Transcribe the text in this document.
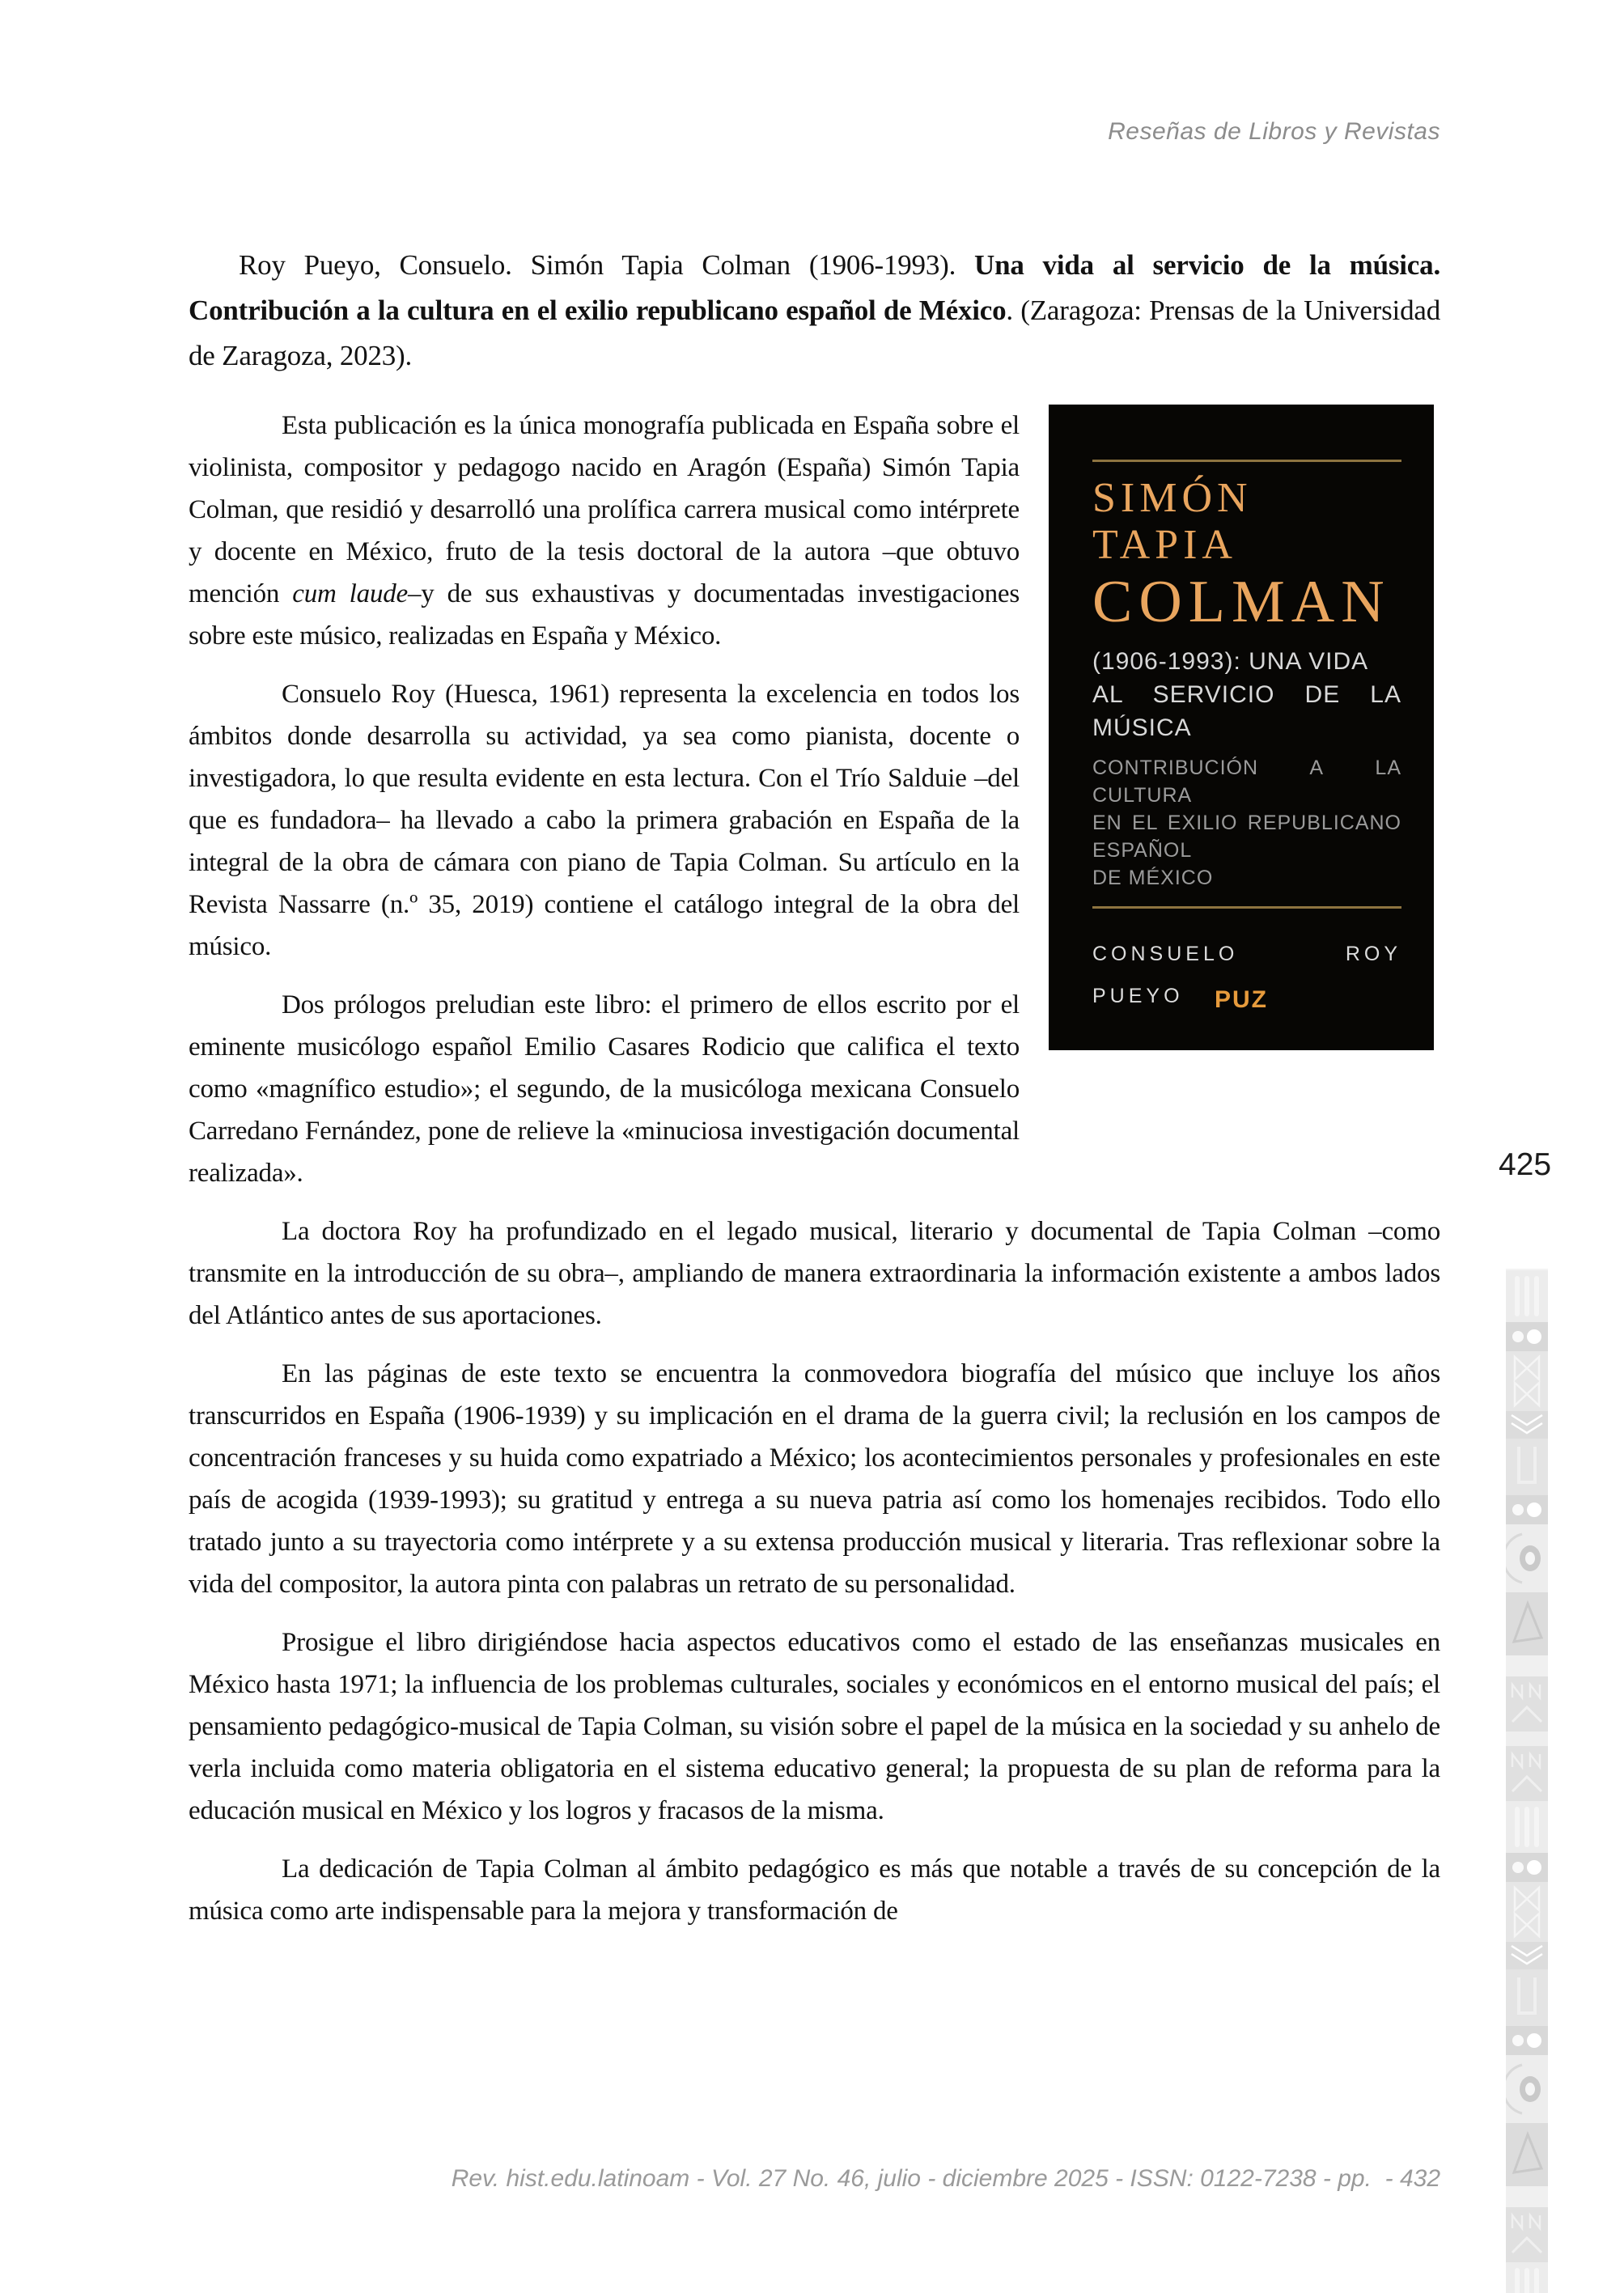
Reseñas de Libros y Revistas

Roy Pueyo, Consuelo. Simón Tapia Colman (1906-1993). Una vida al servicio de la música. Contribución a la cultura en el exilio republicano español de México. (Zaragoza: Prensas de la Universidad de Zaragoza, 2023).

SIMÓN TAPIA
COLMAN
(1906-1993): UNA VIDA
AL SERVICIO DE LA MÚSICA
CONTRIBUCIÓN A LA CULTURA
EN EL EXILIO REPUBLICANO ESPAÑOL
DE MÉXICO
CONSUELO ROY PUEYO	PUZ

Esta publicación es la única monografía publicada en España sobre el violinista, compositor y pedagogo nacido en Aragón (España) Simón Tapia Colman, que residió y desarrolló una prolífica carrera musical como intérprete y docente en México, fruto de la tesis doctoral de la autora –que obtuvo mención cum laude–y de sus exhaustivas y documentadas investigaciones sobre este músico, realizadas en España y México.

Consuelo Roy (Huesca, 1961) representa la excelencia en todos los ámbitos donde desarrolla su actividad, ya sea como pianista, docente o investigadora, lo que resulta evidente en esta lectura. Con el Trío Salduie –del que es fundadora– ha llevado a cabo la primera grabación en España de la integral de la obra de cámara con piano de Tapia Colman. Su artículo en la Revista Nassarre (n.º 35, 2019) contiene el catálogo integral de la obra del músico.

Dos prólogos preludian este libro: el primero de ellos escrito por el eminente musicólogo español Emilio Casares Rodicio que califica el texto como «magnífico estudio»; el segundo, de la musicóloga mexicana Consuelo Carredano Fernández, pone de relieve la «minuciosa investigación documental realizada».

La doctora Roy ha profundizado en el legado musical, literario y documental de Tapia Colman –como transmite en la introducción de su obra–, ampliando de manera extraordinaria la información existente a ambos lados del Atlántico antes de sus aportaciones.

En las páginas de este texto se encuentra la conmovedora biografía del músico que incluye los años transcurridos en España (1906-1939) y su implicación en el drama de la guerra civil; la reclusión en los campos de concentración franceses y su huida como expatriado a México; los acontecimientos personales y profesionales en este país de acogida (1939-1993); su gratitud y entrega a su nueva patria así como los homenajes recibidos. Todo ello tratado junto a su trayectoria como intérprete y a su extensa producción musical y literaria. Tras reflexionar sobre la vida del compositor, la autora pinta con palabras un retrato de su personalidad.

Prosigue el libro dirigiéndose hacia aspectos educativos como el estado de las enseñanzas musicales en México hasta 1971; la influencia de los problemas culturales, sociales y económicos en el entorno musical del país; el pensamiento pedagógico-musical de Tapia Colman, su visión sobre el papel de la música en la sociedad y su anhelo de verla incluida como materia obligatoria en el sistema educativo general; la propuesta de su plan de reforma para la educación musical en México y los logros y fracasos de la misma.

La dedicación de Tapia Colman al ámbito pedagógico es más que notable a través de su concepción de la música como arte indispensable para la mejora y transformación de

425
Rev. hist.edu.latinoam - Vol. 27 No. 46, julio - diciembre 2025 - ISSN: 0122-7238 - pp.  - 432
